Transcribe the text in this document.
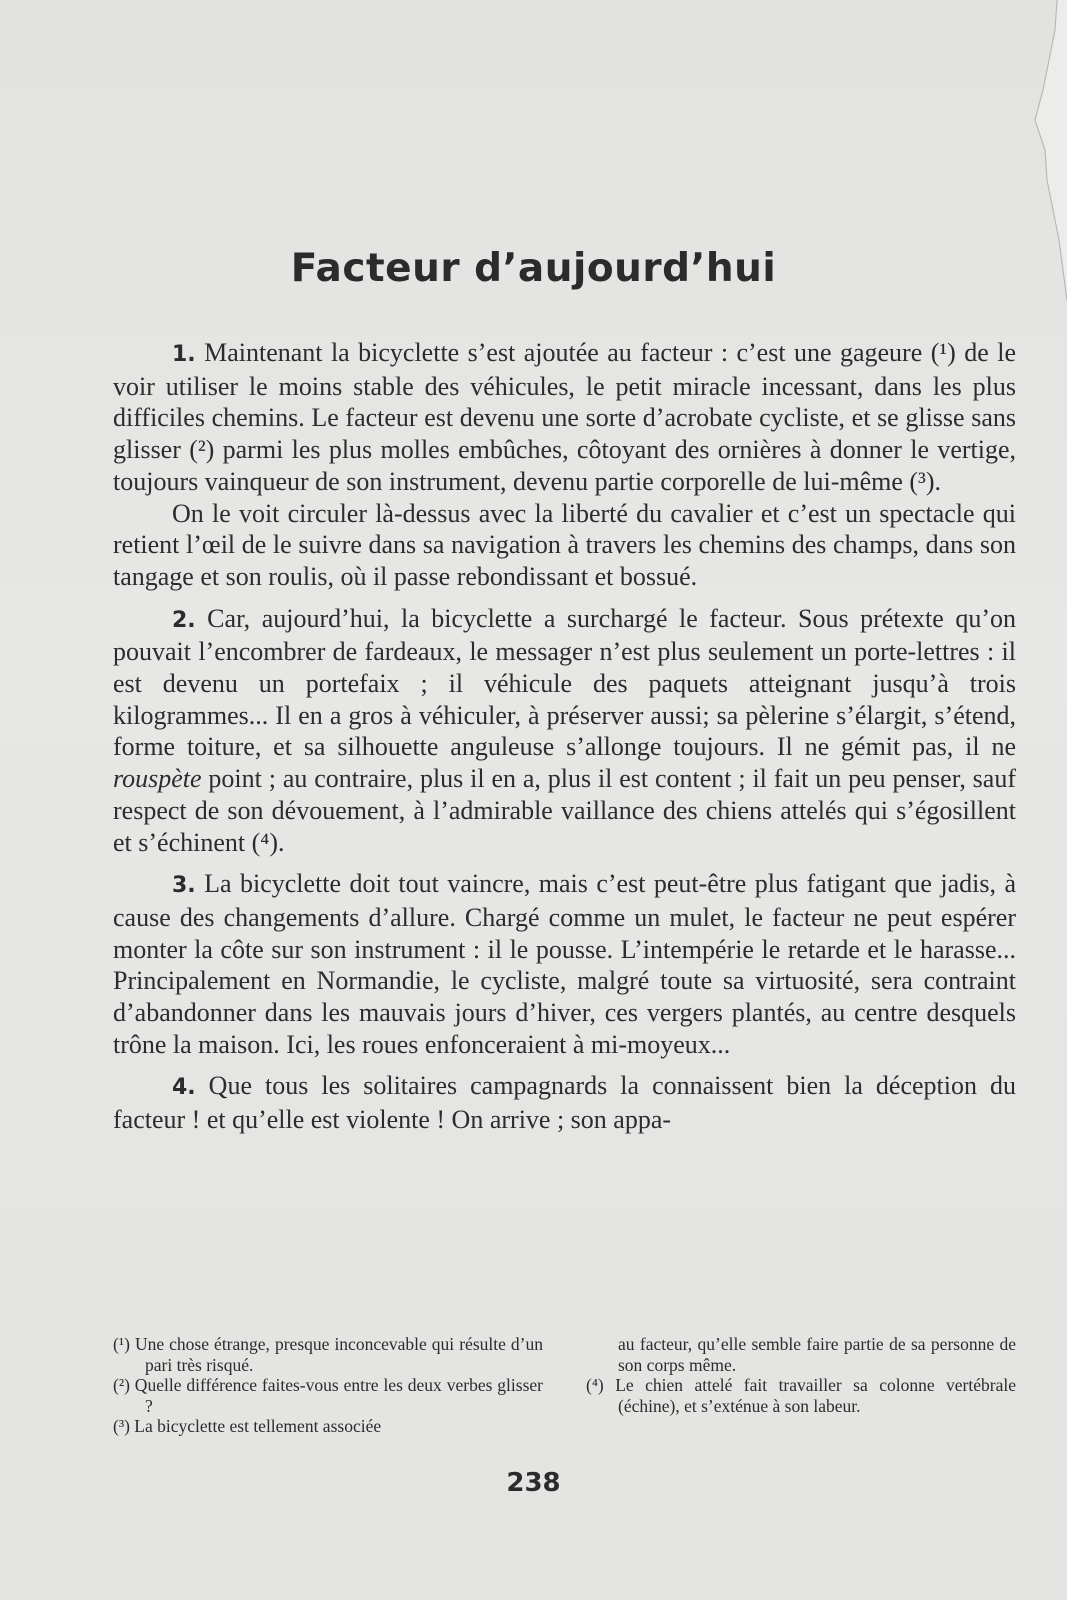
Facteur d’aujourd’hui

1. Maintenant la bicyclette s’est ajoutée au facteur : c’est une gageure (¹) de le voir utiliser le moins stable des véhicules, le petit miracle incessant, dans les plus difficiles chemins. Le facteur est devenu une sorte d’acrobate cycliste, et se glisse sans glisser (²) parmi les plus molles embûches, côtoyant des ornières à donner le vertige, toujours vainqueur de son instrument, devenu partie corporelle de lui-même (³).

On le voit circuler là-dessus avec la liberté du cavalier et c’est un spectacle qui retient l’œil de le suivre dans sa navigation à travers les chemins des champs, dans son tangage et son roulis, où il passe rebondissant et bossué.

2. Car, aujourd’hui, la bicyclette a surchargé le facteur. Sous prétexte qu’on pouvait l’encombrer de fardeaux, le messager n’est plus seulement un porte-lettres : il est devenu un portefaix ; il véhicule des paquets atteignant jusqu’à trois kilogrammes... Il en a gros à véhiculer, à préserver aussi; sa pèlerine s’élargit, s’étend, forme toiture, et sa silhouette anguleuse s’allonge toujours. Il ne gémit pas, il ne rouspète point ; au contraire, plus il en a, plus il est content ; il fait un peu penser, sauf respect de son dévouement, à l’admirable vaillance des chiens attelés qui s’égosillent et s’échinent (⁴).

3. La bicyclette doit tout vaincre, mais c’est peut-être plus fatigant que jadis, à cause des changements d’allure. Chargé comme un mulet, le facteur ne peut espérer monter la côte sur son instrument : il le pousse. L’intempérie le retarde et le harasse... Principalement en Normandie, le cycliste, malgré toute sa virtuosité, sera contraint d’abandonner dans les mauvais jours d’hiver, ces vergers plantés, au centre desquels trône la maison. Ici, les roues enfonceraient à mi-moyeux...

4. Que tous les solitaires campagnards la connaissent bien la déception du facteur ! et qu’elle est violente ! On arrive ; son appa-

(¹) Une chose étrange, presque inconcevable qui résulte d’un pari très risqué.

(²) Quelle différence faites-vous entre les deux verbes glisser ?

(³) La bicyclette est tellement associée

au facteur, qu’elle semble faire partie de sa personne de son corps même.

(⁴) Le chien attelé fait travailler sa colonne vertébrale (échine), et s’exténue à son labeur.

238
